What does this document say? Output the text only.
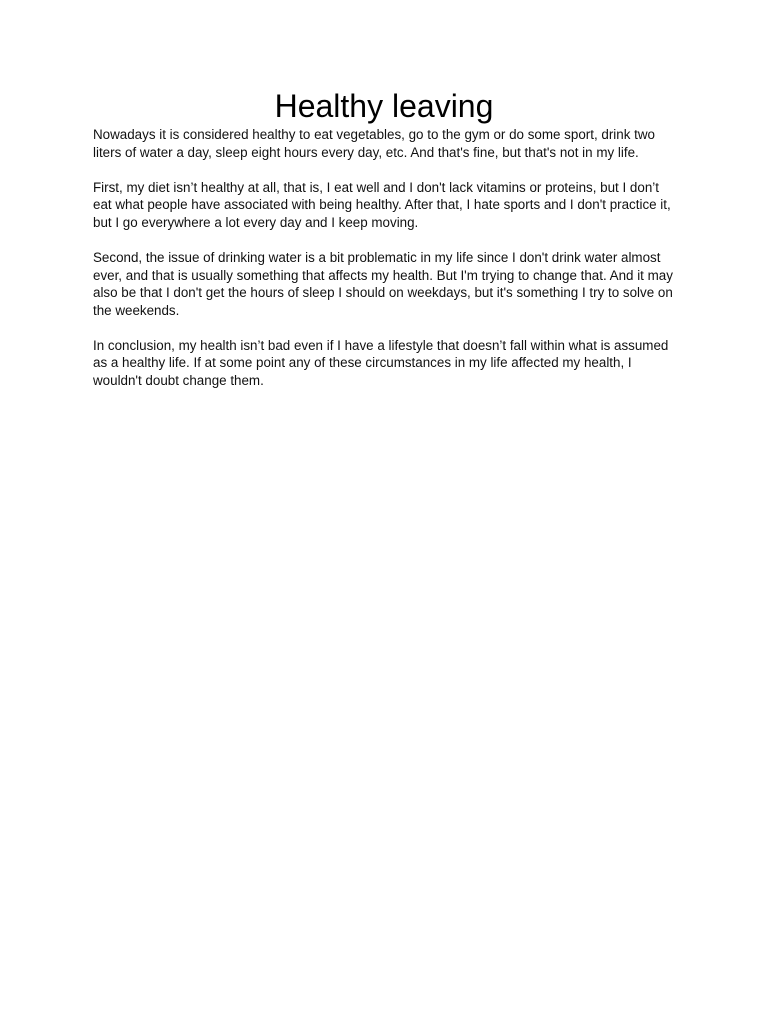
Healthy leaving

Nowadays it is considered healthy to eat vegetables, go to the gym or do some sport, drink two liters of water a day, sleep eight hours every day, etc. And that's fine, but that's not in my life.

First, my diet isn’t healthy at all, that is, I eat well and I don't lack vitamins or proteins, but I don’t eat what people have associated with being healthy. After that, I hate sports and I don't practice it, but I go everywhere a lot every day and I keep moving.

Second, the issue of drinking water is a bit problematic in my life since I don't drink water almost ever, and that is usually something that affects my health. But I'm trying to change that. And it may also be that I don't get the hours of sleep I should on weekdays, but it's something I try to solve on the weekends.

In conclusion, my health isn’t bad even if I have a lifestyle that doesn’t fall within what is assumed as a healthy life. If at some point any of these circumstances in my life affected my health, I wouldn't doubt change them.
